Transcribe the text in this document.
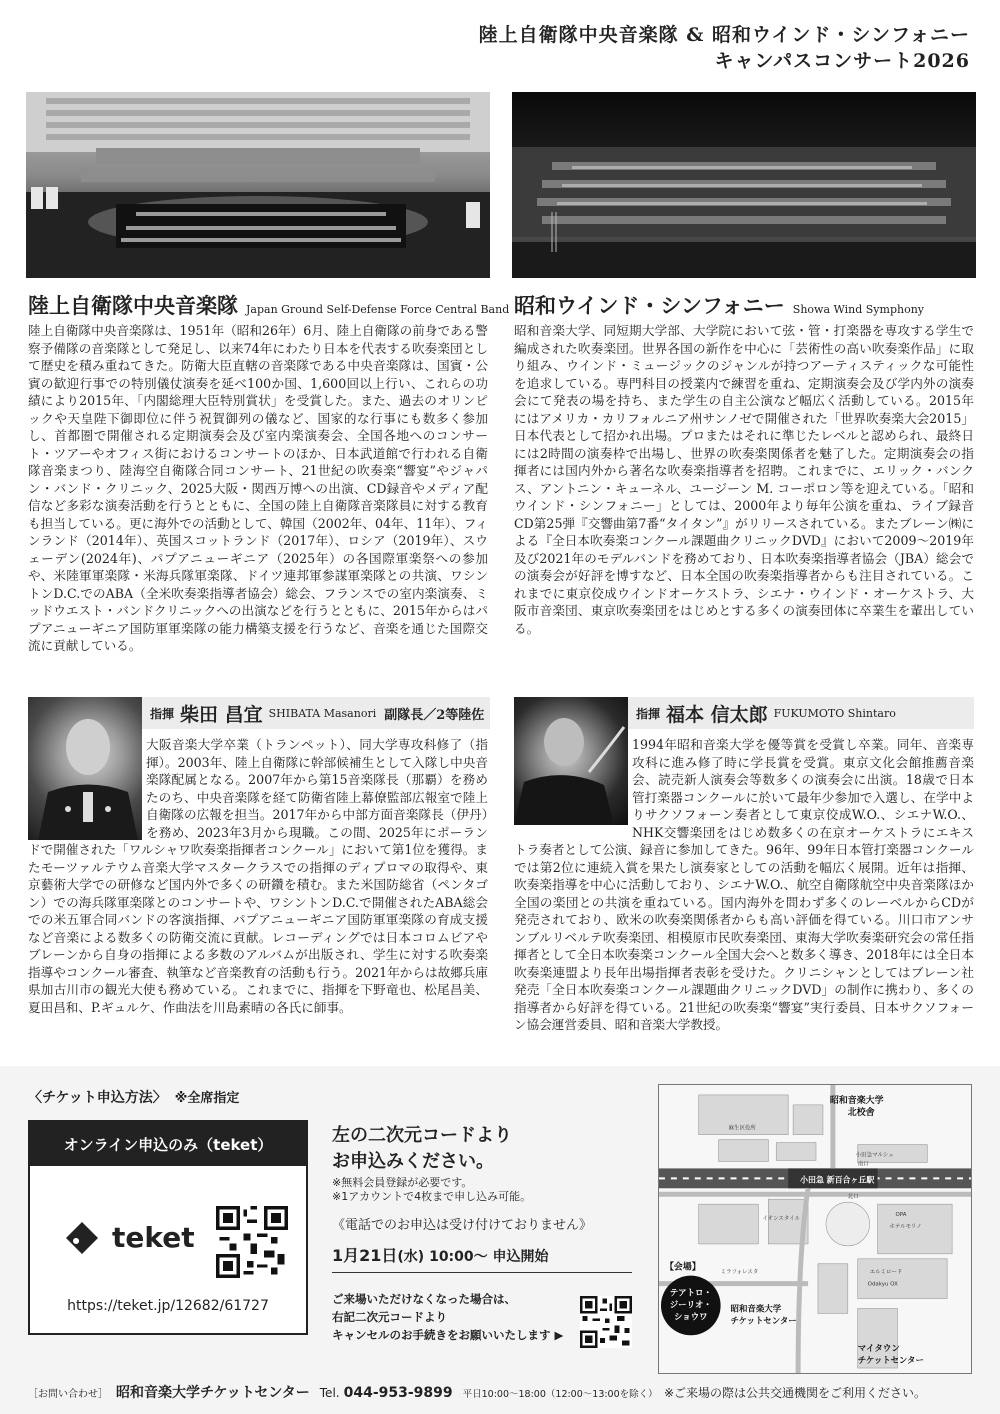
陸上自衛隊中央音楽隊 & 昭和ウインド・シンフォニー
キャンパスコンサート2026
陸上自衛隊中央音楽隊 Japan Ground Self-Defense Force Central Band 昭和ウインド・シンフォニー Showa Wind Symphony
陸上自衛隊中央音楽隊は、1951年（昭和26年）6月、陸上自衛隊の前身である警察予備隊の音楽隊として発足し、以来74年にわたり日本を代表する吹奏楽団として歴史を積み重ねてきた。防衛大臣直轄の音楽隊である中央音楽隊は、国賓・公賓の歓迎行事での特別儀仗演奏を延べ100か国、1,600回以上行い、これらの功績により2015年、「内閣総理大臣特別賞状」を受賞した。また、過去のオリンピックや天皇陛下御即位に伴う祝賀御列の儀など、国家的な行事にも数多く参加し、首都圏で開催される定期演奏会及び室内楽演奏会、全国各地へのコンサート・ツアーやオフィス街におけるコンサートのほか、日本武道館で行われる自衛隊音楽まつり、陸海空自衛隊合同コンサート、21世紀の吹奏楽“響宴”やジャパン・バンド・クリニック、2025大阪・関西万博への出演、CD録音やメディア配信など多彩な演奏活動を行うとともに、全国の陸上自衛隊音楽隊員に対する教育も担当している。更に海外での活動として、韓国（2002年、04年、11年）、フィンランド（2014年）、英国スコットランド（2017年）、ロシア（2019年）、スウェーデン(2024年)、パプアニューギニア（2025年）の各国際軍楽祭への参加や、米陸軍軍楽隊・米海兵隊軍楽隊、ドイツ連邦軍参謀軍楽隊との共演、ワシントンD.C.でのABA（全米吹奏楽指導者協会）総会、フランスでの室内楽演奏、ミッドウエスト・バンドクリニックへの出演などを行うとともに、2015年からはパプアニューギニア国防軍軍楽隊の能力構築支援を行うなど、音楽を通じた国際交流に貢献している。
昭和音楽大学、同短期大学部、大学院において弦・管・打楽器を専攻する学生で編成された吹奏楽団。世界各国の新作を中心に「芸術性の高い吹奏楽作品」に取り組み、ウインド・ミュージックのジャンルが持つアーティスティックな可能性を追求している。専門科目の授業内で練習を重ね、定期演奏会及び学内外の演奏会にて発表の場を持ち、また学生の自主公演など幅広く活動している。2015年にはアメリカ・カリフォルニア州サンノゼで開催された「世界吹奏楽大会2015」日本代表として招かれ出場。プロまたはそれに準じたレベルと認められ、最終日には2時間の演奏枠で出場し、世界の吹奏楽関係者を魅了した。定期演奏会の指揮者には国内外から著名な吹奏楽指導者を招聘。これまでに、エリック・バンクス、アントニン・キューネル、ユージーン M. コーポロン等を迎えている。「昭和ウインド・シンフォニー」としては、2000年より毎年公演を重ね、ライブ録音CD第25弾『交響曲第7番“タイタン”』がリリースされている。またブレーン㈱による『全日本吹奏楽コンクール課題曲クリニックDVD』において2009～2019年及び2021年のモデルバンドを務めており、日本吹奏楽指導者協会（JBA）総会での演奏会が好評を博すなど、日本全国の吹奏楽指導者からも注目されている。これまでに東京佼成ウインドオーケストラ、シエナ・ウインド・オーケストラ、大阪市音楽団、東京吹奏楽団をはじめとする多くの演奏団体に卒業生を輩出している。
指揮 柴田 昌宜 SHIBATA Masanori 副隊長／2等陸佐	指揮 福本 信太郎 FUKUMOTO Shintaro
大阪音楽大学卒業（トランペット）、同大学専攻科修了（指揮）。2003年、陸上自衛隊に幹部候補生として入隊し中央音楽隊配属となる。2007年から第15音楽隊長（那覇）を務めたのち、中央音楽隊を経て防衛省陸上幕僚監部広報室で陸上自衛隊の広報を担当。2017年から中部方面音楽隊長（伊丹）を務め、2023年3月から現職。この間、2025年にポーランドで開催された「ワルシャワ吹奏楽指揮者コンクール」において第1位を獲得。またモーツァルテウム音楽大学マスタークラスでの指揮のディプロマの取得や、東京藝術大学での研修など国内外で多くの研鑽を積む。また米国防総省（ペンタゴン）での海兵隊軍楽隊とのコンサートや、ワシントンD.C.で開催されたABA総会での米五軍合同バンドの客演指揮、パプアニューギニア国防軍軍楽隊の育成支援など音楽による数多くの防衛交流に貢献。レコーディングでは日本コロムビアやブレーンから自身の指揮による多数のアルバムが出版され、学生に対する吹奏楽指導やコンクール審査、執筆など音楽教育の活動も行う。2021年からは故郷兵庫県加古川市の観光大使も務めている。これまでに、指揮を下野竜也、松尾昌美、夏田昌和、P.ギュルケ、作曲法を川島素晴の各氏に師事。
1994年昭和音楽大学を優等賞を受賞し卒業。同年、音楽専攻科に進み修了時に学長賞を受賞。東京文化会館推薦音楽会、読売新人演奏会等数多くの演奏会に出演。18歳で日本管打楽器コンクールに於いて最年少参加で入選し、在学中よりサクソフォーン奏者として東京佼成W.O.、シエナW.O.、NHK交響楽団をはじめ数多くの在京オーケストラにエキストラ奏者として公演、録音に参加してきた。96年、99年日本管打楽器コンクールでは第2位に連続入賞を果たし演奏家としての活動を幅広く展開。近年は指揮、吹奏楽指導を中心に活動しており、シエナW.O.、航空自衛隊航空中央音楽隊ほか全国の楽団との共演を重ねている。国内海外を問わず多くのレーベルからCDが発売されており、欧米の吹奏楽関係者からも高い評価を得ている。川口市アンサンブルリベルテ吹奏楽団、相模原市民吹奏楽団、東海大学吹奏楽研究会の常任指揮者として全日本吹奏楽コンクール全国大会へと数多く導き、2018年には全日本吹奏楽連盟より長年出場指揮者表彰を受けた。クリニシャンとしてはブレーン社発売「全日本吹奏楽コンクール課題曲クリニックDVD」の制作に携わり、多くの指導者から好評を得ている。21世紀の吹奏楽“響宴”実行委員、日本サクソフォーン協会運営委員、昭和音楽大学教授。
〈チケット申込方法〉 ※全席指定
オンライン申込のみ（teket）
teket
https://teket.jp/12682/61727
左の二次元コードより
お申込みください。
※無料会員登録が必要です。
※1アカウントで4枚まで申し込み可能。
《電話でのお申込は受け付けておりません》
1月21日(水) 10:00～ 申込開始
ご来場いただけなくなった場合は、
右記二次元コードより
キャンセルのお手続きをお願いいたします ▶
昭和音楽大学
北校舎
小田急 新百合ヶ丘駅
麻生区役所
小田急マルシェ
イオンスタイル
OPA
ホテルモリノ
エルミロード
Odakyu OX
ミラフォレスタ
北口
南口
テアトロ・
ジーリオ・
ショウワ
【会場】
昭和音楽大学
チケットセンター
マイタウン
チケットセンター
［お問い合わせ］ 昭和音楽大学チケットセンター Tel. 044-953-9899 平日10:00～18:00（12:00～13:00を除く） ※ご来場の際は公共交通機関をご利用ください。
